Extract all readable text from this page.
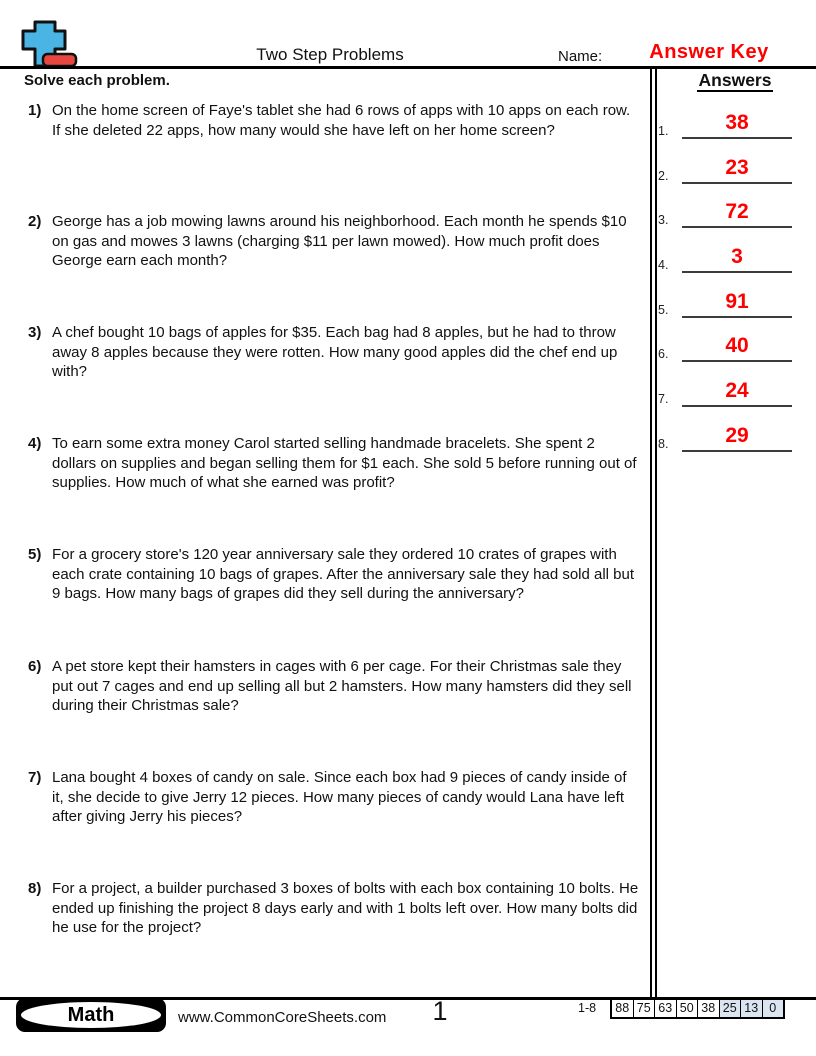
Two Step Problems	Name:	Answer Key
Solve each problem.
1) On the home screen of Faye's tablet she had 6 rows of apps with 10 apps on each row. If she deleted 22 apps, how many would she have left on her home screen?
2) George has a job mowing lawns around his neighborhood. Each month he spends $10 on gas and mowes 3 lawns (charging $11 per lawn mowed). How much profit does George earn each month?
3) A chef bought 10 bags of apples for $35. Each bag had 8 apples, but he had to throw away 8 apples because they were rotten. How many good apples did the chef end up with?
4) To earn some extra money Carol started selling handmade bracelets. She spent 2 dollars on supplies and began selling them for $1 each. She sold 5 before running out of supplies. How much of what she earned was profit?
5) For a grocery store's 120 year anniversary sale they ordered 10 crates of grapes with each crate containing 10 bags of grapes. After the anniversary sale they had sold all but 9 bags. How many bags of grapes did they sell during the anniversary?
6) A pet store kept their hamsters in cages with 6 per cage. For their Christmas sale they put out 7 cages and end up selling all but 2 hamsters. How many hamsters did they sell during their Christmas sale?
7) Lana bought 4 boxes of candy on sale. Since each box had 9 pieces of candy inside of it, she decide to give Jerry 12 pieces. How many pieces of candy would Lana have left after giving Jerry his pieces?
8) For a project, a builder purchased 3 boxes of bolts with each box containing 10 bolts. He ended up finishing the project 8 days early and with 1 bolts left over. How many bolts did he use for the project?
Answers
1.	38
2.	23
3.	72
4.	3
5.	91
6.	40
7.	24
8.	29
Math	www.CommonCoreSheets.com	1	1-8 88 75 63 50 38 25 13 0
